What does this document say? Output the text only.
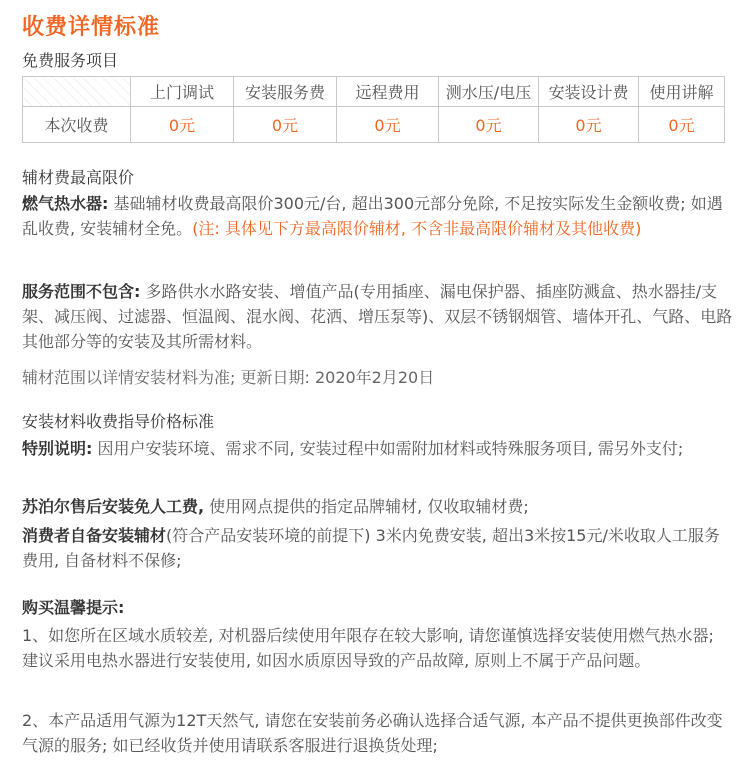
收费详情标准
免费服务项目
	上门调试	安装服务费	远程费用	测水压/电压	安装设计费	使用讲解
本次收费	0元	0元	0元	0元	0元	0元
辅材费最高限价
燃气热水器: 基础辅材收费最高限价300元/台, 超出300元部分免除, 不足按实际发生金额收费; 如遇乱收费, 安装辅材全免。(注: 具体见下方最高限价辅材, 不含非最高限价辅材及其他收费)
服务范围不包含: 多路供水水路安装、增值产品(专用插座、漏电保护器、插座防溅盒、热水器挂/支架、减压阀、过滤器、恒温阀、混水阀、花洒、增压泵等)、双层不锈钢烟管、墙体开孔、气路、电路其他部分等的安装及其所需材料。
辅材范围以详情安装材料为准; 更新日期: 2020年2月20日
安装材料收费指导价格标准
特别说明: 因用户安装环境、需求不同, 安装过程中如需附加材料或特殊服务项目, 需另外支付;
苏泊尔售后安装免人工费, 使用网点提供的指定品牌辅材, 仅收取辅材费;
消费者自备安装辅材(符合产品安装环境的前提下) 3米内免费安装, 超出3米按15元/米收取人工服务费用, 自备材料不保修;
购买温馨提示:
1、如您所在区域水质较差, 对机器后续使用年限存在较大影响, 请您谨慎选择安装使用燃气热水器; 建议采用电热水器进行安装使用, 如因水质原因导致的产品故障, 原则上不属于产品问题。
2、本产品适用气源为12T天然气, 请您在安装前务必确认选择合适气源, 本产品不提供更换部件改变气源的服务; 如已经收货并使用请联系客服进行退换货处理;
